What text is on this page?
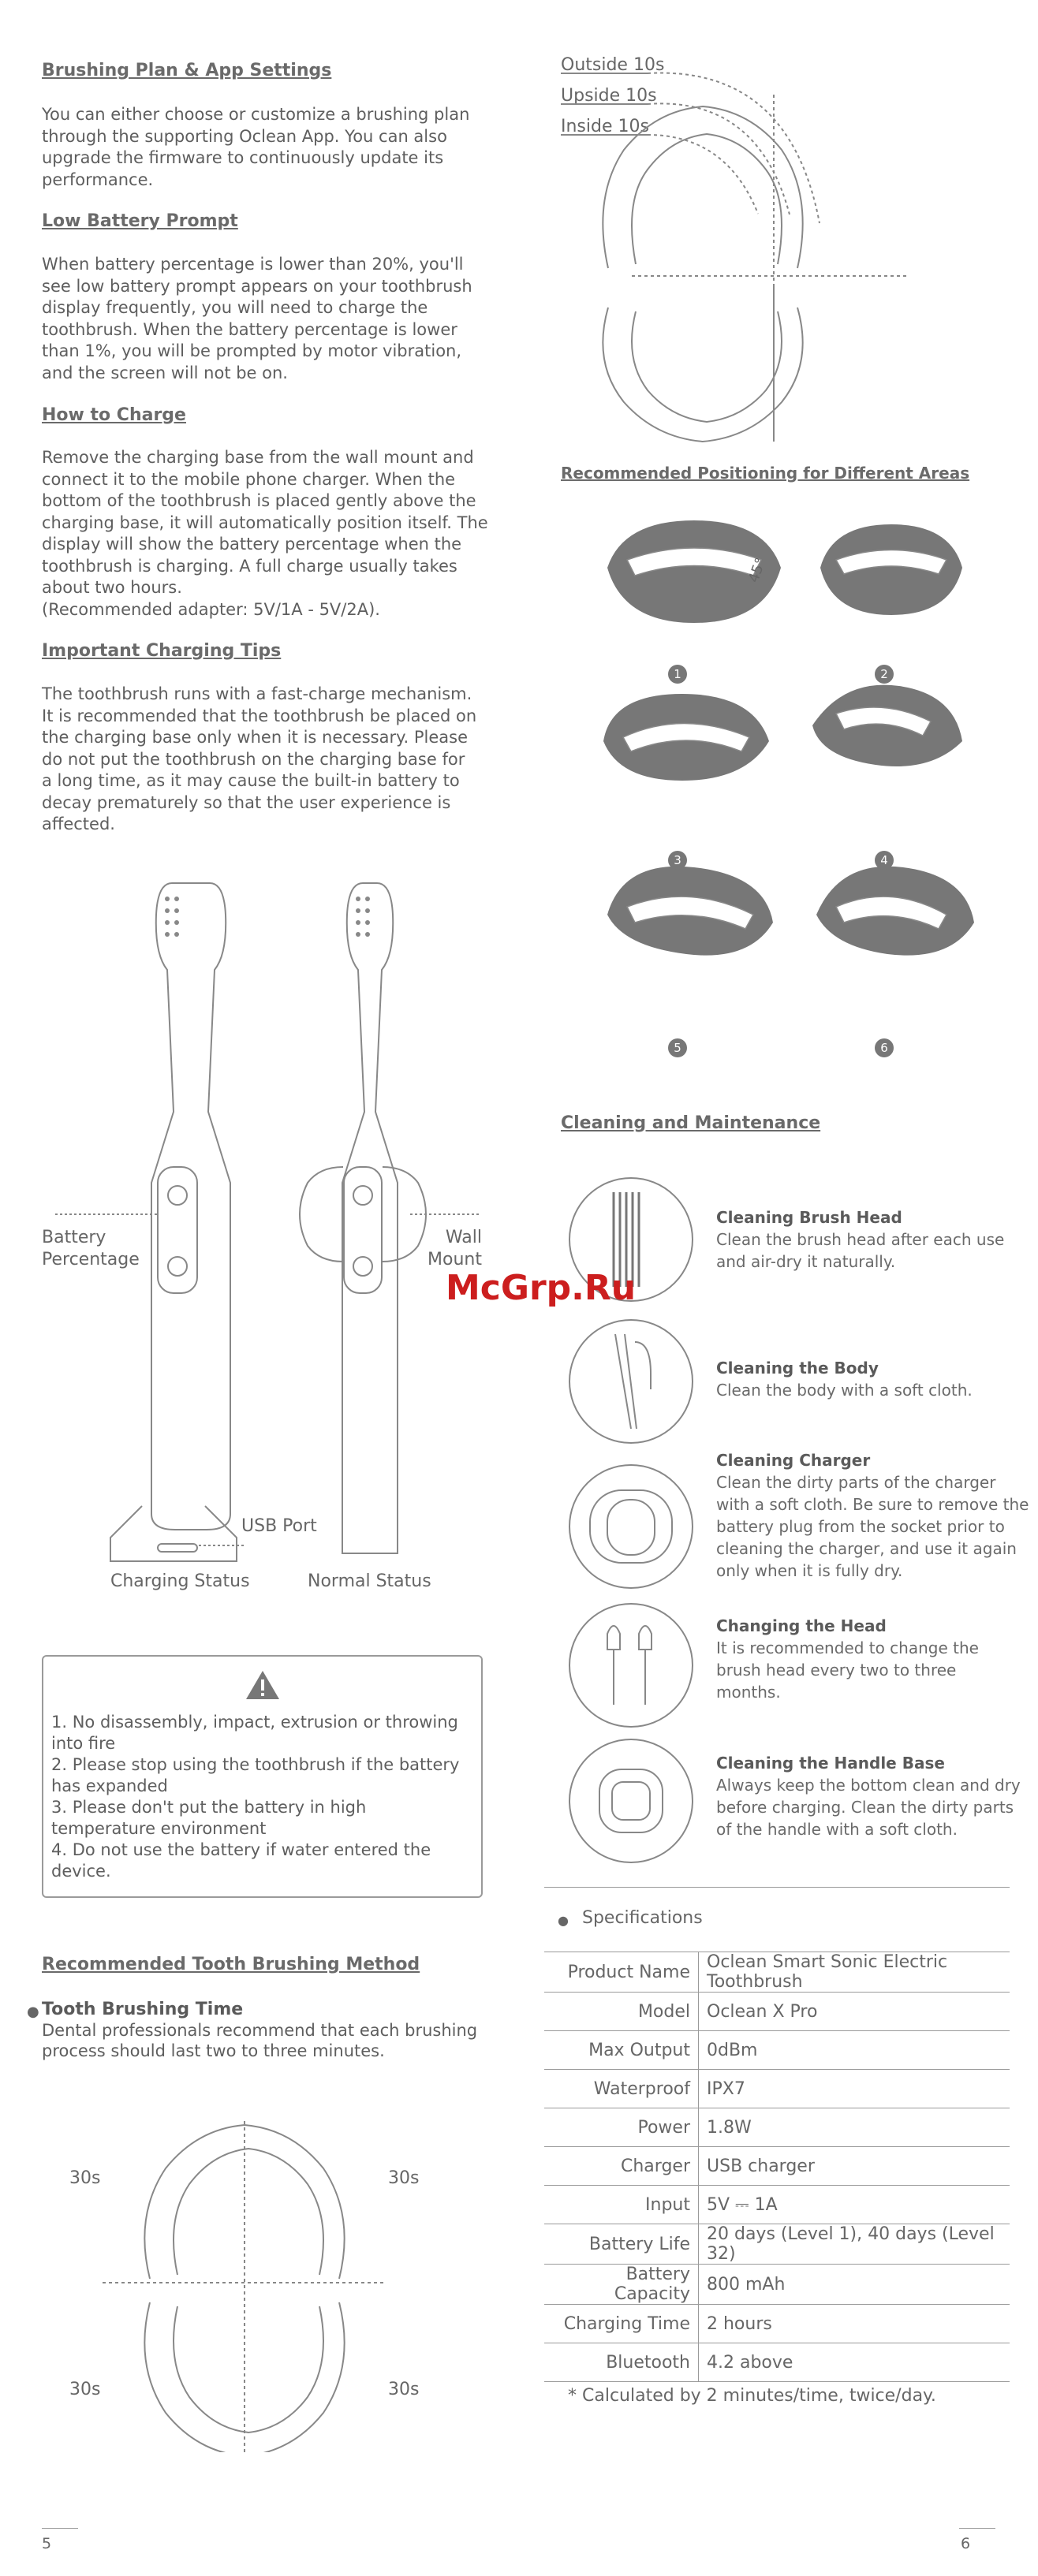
Brushing Plan & App Settings
You can either choose or customize a brushing plan
through the supporting Oclean App. You can also
upgrade the firmware to continuously update its
performance.
Low Battery Prompt
When battery percentage is lower than 20%, you'll
see low battery prompt appears on your toothbrush
display frequently, you will need to charge the
toothbrush. When the battery percentage is lower
than 1%, you will be prompted by motor vibration,
and the screen will not be on.
How to Charge
Remove the charging base from the wall mount and
connect it to the mobile phone charger. When the
bottom of the toothbrush is placed gently above the
charging base, it will automatically position itself. The
display will show the battery percentage when the
toothbrush is charging. A full charge usually takes
about two hours.
(Recommended adapter: 5V/1A - 5V/2A).
Important Charging Tips
The toothbrush runs with a fast-charge mechanism.
It is recommended that the toothbrush be placed on
the charging base only when it is necessary. Please
do not put the toothbrush on the charging base for
a long time, as it may cause the built-in battery to
decay prematurely so that the user experience is
affected.
Battery
Percentage
Wall
Mount
USB Port
Charging Status	Normal Status
1. No disassembly, impact, extrusion or throwing
into fire
2. Please stop using the toothbrush if the battery
has expanded
3. Please don't put the battery in high
temperature environment
4. Do not use the battery if water entered the
device.
Recommended Tooth Brushing Method
● Tooth Brushing Time
Dental professionals recommend that each brushing
process should last two to three minutes.
30s	30s
30s	30s
5
Outside 10s
Upside 10s
Inside 10s
Recommended Positioning for Different Areas
45°
1	2
3	4
5	6
Cleaning and Maintenance
Cleaning Brush Head
Clean the brush head after each use
and air-dry it naturally.
Cleaning the Body
Clean the body with a soft cloth.
Cleaning Charger
Clean the dirty parts of the charger
with a soft cloth. Be sure to remove the
battery plug from the socket prior to
cleaning the charger, and use it again
only when it is fully dry.
Changing the Head
It is recommended to change the
brush head every two to three
months.
Cleaning the Handle Base
Always keep the bottom clean and dry
before charging. Clean the dirty parts
of the handle with a soft cloth.
McGrp.Ru
● Specifications
Product Name	Oclean Smart Sonic Electric Toothbrush
Model	Oclean X Pro
Max Output	0dBm
Waterproof	IPX7
Power	1.8W
Charger	USB charger
Input	5V ⎓ 1A
Battery Life	20 days (Level 1), 40 days (Level 32)
Battery Capacity	800 mAh
Charging Time	2 hours
Bluetooth	4.2 above
* Calculated by 2 minutes/time, twice/day.
6
